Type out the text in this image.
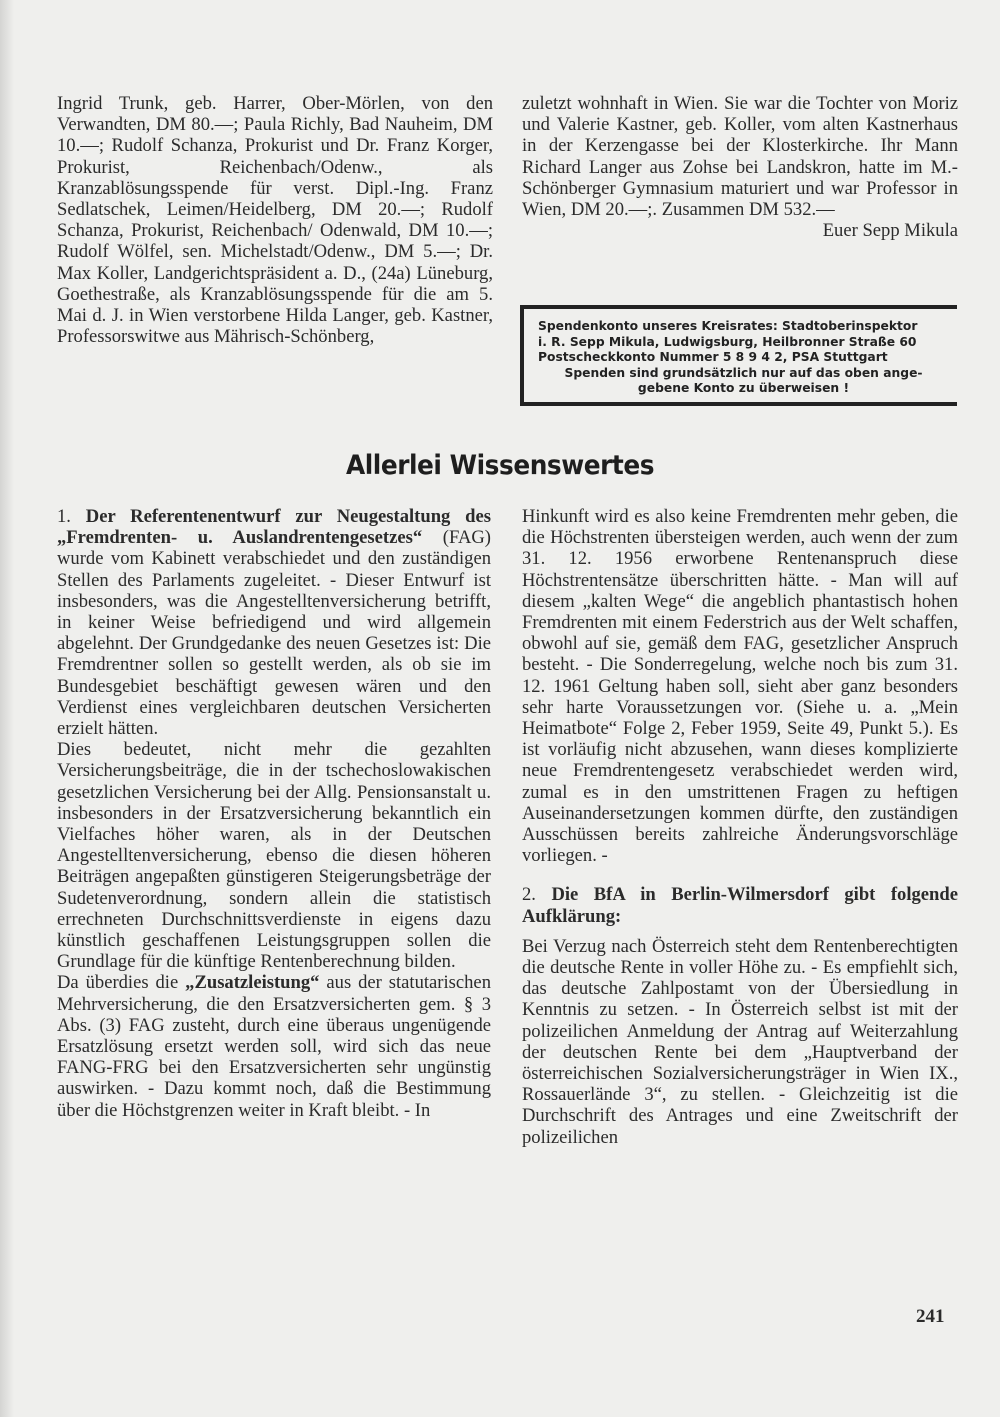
Ingrid Trunk, geb. Harrer, Ober-Mörlen, von den Verwandten, DM 80.—; Paula Richly, Bad Nauheim, DM 10.—; Rudolf Schanza, Prokurist und Dr. Franz Korger, Prokurist, Reichenbach/Odenw., als Kranzablösungsspende für verst. Dipl.-Ing. Franz Sedlatschek, Leimen/Heidelberg, DM 20.—; Rudolf Schanza, Prokurist, Reichenbach/ Odenwald, DM 10.—; Rudolf Wölfel, sen. Michelstadt/Odenw., DM 5.—; Dr. Max Koller, Landgerichtspräsident a. D., (24a) Lüneburg, Goethestraße, als Kranzablösungsspende für die am 5. Mai d. J. in Wien verstorbene Hilda Langer, geb. Kastner, Professorswitwe aus Mährisch-Schönberg,

zuletzt wohnhaft in Wien. Sie war die Tochter von Moriz und Valerie Kastner, geb. Koller, vom alten Kastnerhaus in der Kerzengasse bei der Klosterkirche. Ihr Mann Richard Langer aus Zohse bei Landskron, hatte im M.-Schönberger Gymnasium maturiert und war Professor in Wien, DM 20.—;. Zusammen DM 532.—

Euer Sepp Mikula

Spendenkonto unseres Kreisrates: Stadtoberinspektor
i. R. Sepp Mikula, Ludwigsburg, Heilbronner Straße 60
Postscheckkonto Nummer 5 8 9 4 2, PSA Stuttgart
Spenden sind grundsätzlich nur auf das oben ange-
gebene Konto zu überweisen !
Allerlei Wissenswertes

1. Der Referentenentwurf zur Neugestaltung des „Fremdrenten- u. Auslandrentengesetzes“ (FAG) wurde vom Kabinett verabschiedet und den zuständigen Stellen des Parlaments zugeleitet. - Dieser Entwurf ist insbesonders, was die Angestelltenversicherung betrifft, in keiner Weise befriedigend und wird allgemein abgelehnt. Der Grundgedanke des neuen Gesetzes ist: Die Fremdrentner sollen so gestellt werden, als ob sie im Bundesgebiet beschäftigt gewesen wären und den Verdienst eines vergleichbaren deutschen Versicherten erzielt hätten.

Dies bedeutet, nicht mehr die gezahlten Versicherungsbeiträge, die in der tschechoslowakischen gesetzlichen Versicherung bei der Allg. Pensionsanstalt u. insbesonders in der Ersatzversicherung bekanntlich ein Vielfaches höher waren, als in der Deutschen Angestelltenversicherung, ebenso die diesen höheren Beiträgen angepaßten günstigeren Steigerungsbeträge der Sudetenverordnung, sondern allein die statistisch errechneten Durchschnittsverdienste in eigens dazu künstlich geschaffenen Leistungsgruppen sollen die Grundlage für die künftige Rentenberechnung bilden.

Da überdies die „Zusatzleistung“ aus der statutarischen Mehrversicherung, die den Ersatzversicherten gem. § 3 Abs. (3) FAG zusteht, durch eine überaus ungenügende Ersatzlösung ersetzt werden soll, wird sich das neue FANG-FRG bei den Ersatzversicherten sehr ungünstig auswirken. - Dazu kommt noch, daß die Bestimmung über die Höchstgrenzen weiter in Kraft bleibt. - In

Hinkunft wird es also keine Fremdrenten mehr geben, die die Höchstrenten übersteigen werden, auch wenn der zum 31. 12. 1956 erworbene Rentenanspruch diese Höchstrentensätze überschritten hätte. - Man will auf diesem „kalten Wege“ die angeblich phantastisch hohen Fremdrenten mit einem Federstrich aus der Welt schaffen, obwohl auf sie, gemäß dem FAG, gesetzlicher Anspruch besteht. - Die Sonderregelung, welche noch bis zum 31. 12. 1961 Geltung haben soll, sieht aber ganz besonders sehr harte Voraussetzungen vor. (Siehe u. a. „Mein Heimatbote“ Folge 2, Feber 1959, Seite 49, Punkt 5.). Es ist vorläufig nicht abzusehen, wann dieses komplizierte neue Fremdrentengesetz verabschiedet werden wird, zumal es in den umstrittenen Fragen zu heftigen Auseinandersetzungen kommen dürfte, den zuständigen Ausschüssen bereits zahlreiche Änderungsvorschläge vorliegen. -

2. Die BfA in Berlin-Wilmersdorf gibt folgende Aufklärung:

Bei Verzug nach Österreich steht dem Rentenberechtigten die deutsche Rente in voller Höhe zu. - Es empfiehlt sich, das deutsche Zahlpostamt von der Übersiedlung in Kenntnis zu setzen. - In Österreich selbst ist mit der polizeilichen Anmeldung der Antrag auf Weiterzahlung der deutschen Rente bei dem „Hauptverband der österreichischen Sozialversicherungsträger in Wien IX., Rossauerlände 3“, zu stellen. - Gleichzeitig ist die Durchschrift des Antrages und eine Zweitschrift der polizeilichen

241
